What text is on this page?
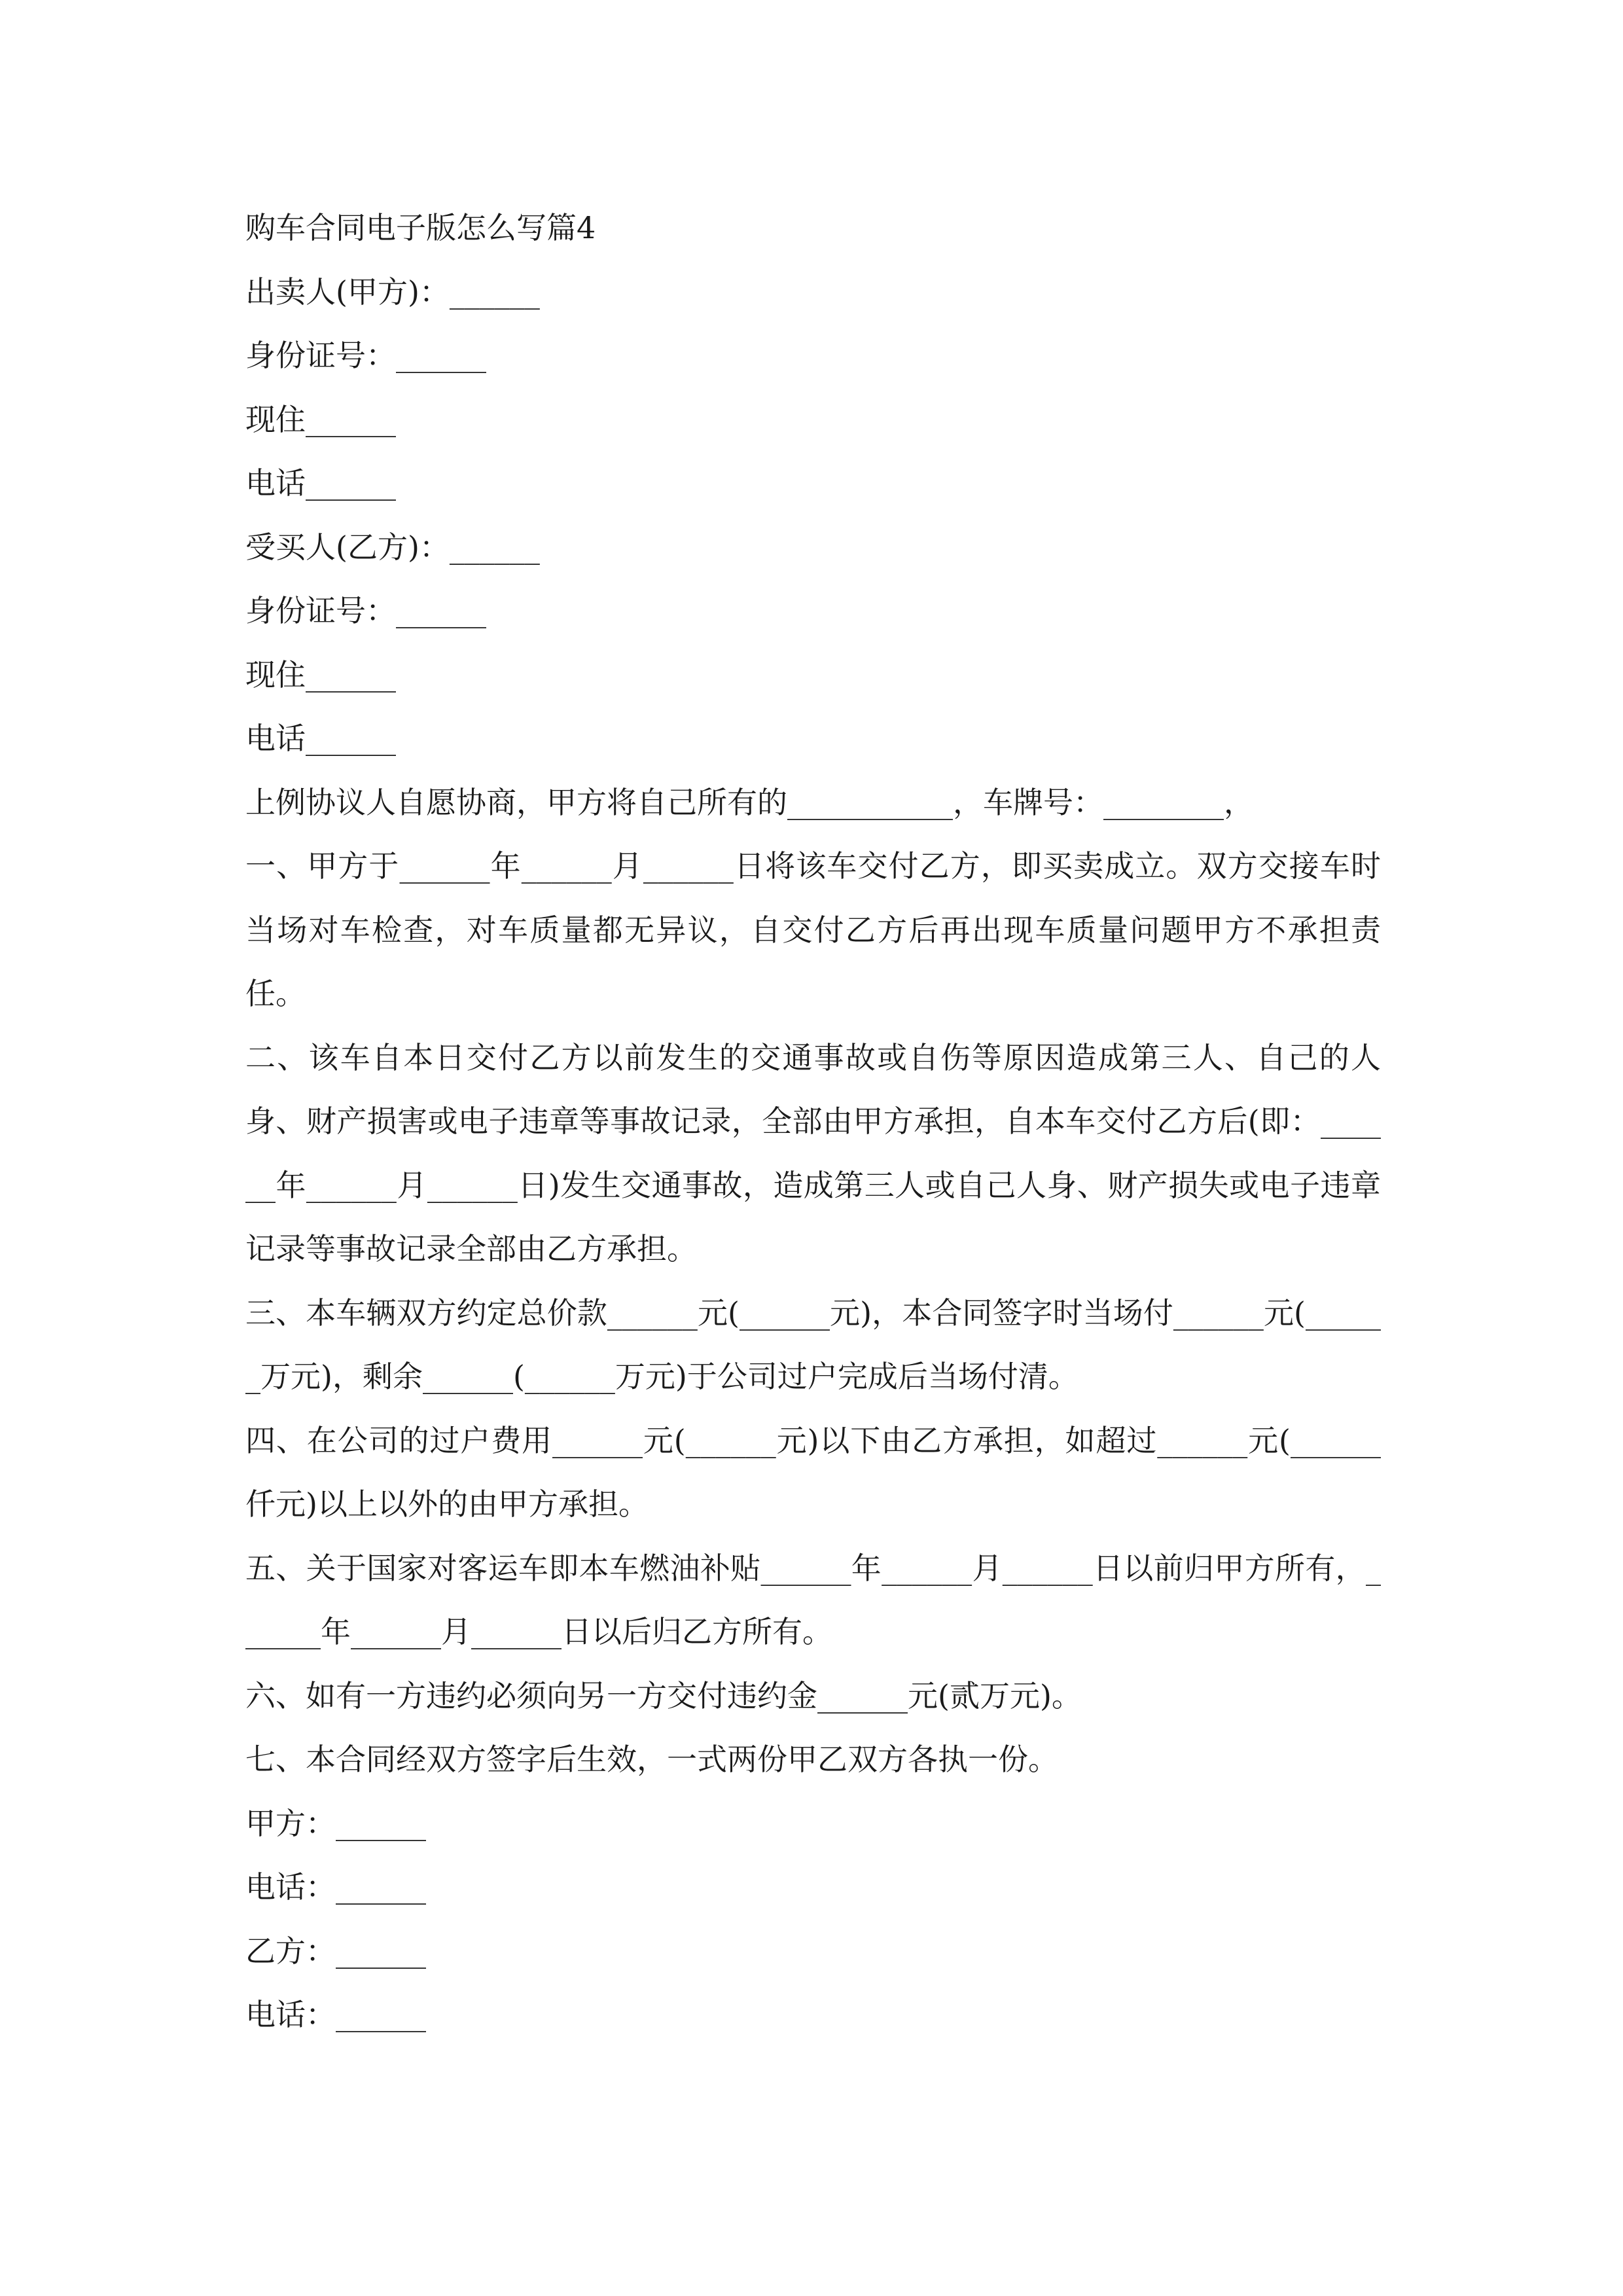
购车合同电子版怎么写篇4

出卖人(甲方)：______

身份证号：______

现住______

电话______

受买人(乙方)：______

身份证号：______

现住______

电话______

上例协议人自愿协商，甲方将自己所有的___________，车牌号：________，

一、甲方于______年______月______日将该车交付乙方，即买卖成立。双方交接车时当场对车检查，对车质量都无异议，自交付乙方后再出现车质量问题甲方不承担责任。

二、该车自本日交付乙方以前发生的交通事故或自伤等原因造成第三人、自己的人身、财产损害或电子违章等事故记录，全部由甲方承担，自本车交付乙方后(即：______年______月______日)发生交通事故，造成第三人或自己人身、财产损失或电子违章记录等事故记录全部由乙方承担。

三、本车辆双方约定总价款______元(______元)，本合同签字时当场付______元(______万元)，剩余______(______万元)于公司过户完成后当场付清。

四、在公司的过户费用______元(______元)以下由乙方承担，如超过______元(______仟元)以上以外的由甲方承担。

五、关于国家对客运车即本车燃油补贴______年______月______日以前归甲方所有，______年______月______日以后归乙方所有。

六、如有一方违约必须向另一方交付违约金______元(贰万元)。

七、本合同经双方签字后生效，一式两份甲乙双方各执一份。

甲方：______

电话：______

乙方：______

电话：______
